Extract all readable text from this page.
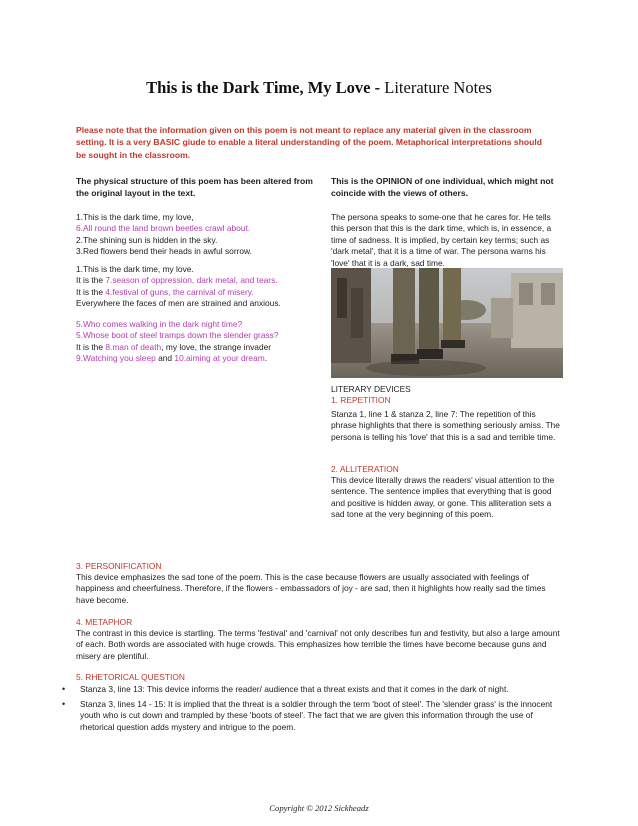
This is the Dark Time, My Love - Literature Notes
Please note that the information given on this poem is not meant to replace any material given in the classroom setting. It is a very BASIC giude to enable a literal understanding of the poem. Metaphorical interpretations should be sought in the classroom.
The physical structure of this poem has been altered from the original layout in the text.
1.This is the dark time, my love,
6.All round the land brown beetles crawl about.
2.The shining sun is hidden in the sky.
3.Red flowers bend their heads in awful sorrow.
1.This is the dark time, my love.
It is the 7.season of oppression, dark metal, and tears.
It is the 4.festival of guns, the carnival of misery.
Everywhere the faces of men are strained and anxious.
5.Who comes walking in the dark night time?
5.Whose boot of steel tramps down the slender grass?
It is the 8.man of death, my love, the strange invader
9.Watching you sleep and 10.aiming at your dream.
This is the OPINION of one individual, which might not coincide with the views of others.
The persona speaks to some-one that he cares for. He tells this person that this is the dark time, which is, in essence, a time of sadness. It is implied, by certain key terms; such as 'dark metal', that it is a time of war. The persona warns his 'love' that it is a dark, sad time.
LITERARY DEVICES
1. REPETITION
Stanza 1, line 1 & stanza 2, line 7: The repetition of this phrase highlights that there is something seriously amiss. The persona is telling his 'love' that this is a sad and terrible time.
2. ALLITERATION
This device literally draws the readers' visual attention to the sentence. The sentence implies that everything that is good and positive is hidden away, or gone. This alliteration sets a sad tone at the very beginning of this poem.
3. PERSONIFICATION
This device emphasizes the sad tone of the poem. This is the case because flowers are usually associated with feelings of happiness and cheerfulness. Therefore, if the flowers - embassadors of joy - are sad, then it highlights how really sad the times have become.
4. METAPHOR
The contrast in this device is startling. The terms 'festival' and 'carnival' not only describes fun and festivity, but also a large amount of each. Both words are associated with huge crowds. This emphasizes how terrible the times have become because guns and misery are plentiful.
5. RHETORICAL QUESTION
• Stanza 3, line 13: This device informs the reader/ audience that a threat exists and that it comes in the dark of night.
• Stanza 3, lines 14 - 15: It is implied that the threat is a soldier through the term 'boot of steel'. The 'slender grass' is the innocent youth who is cut down and trampled by these 'boots of steel'. The fact that we are given this information through the use of rhetorical question adds mystery and intrigue to the poem.
Copyright © 2012 Sickheadz
